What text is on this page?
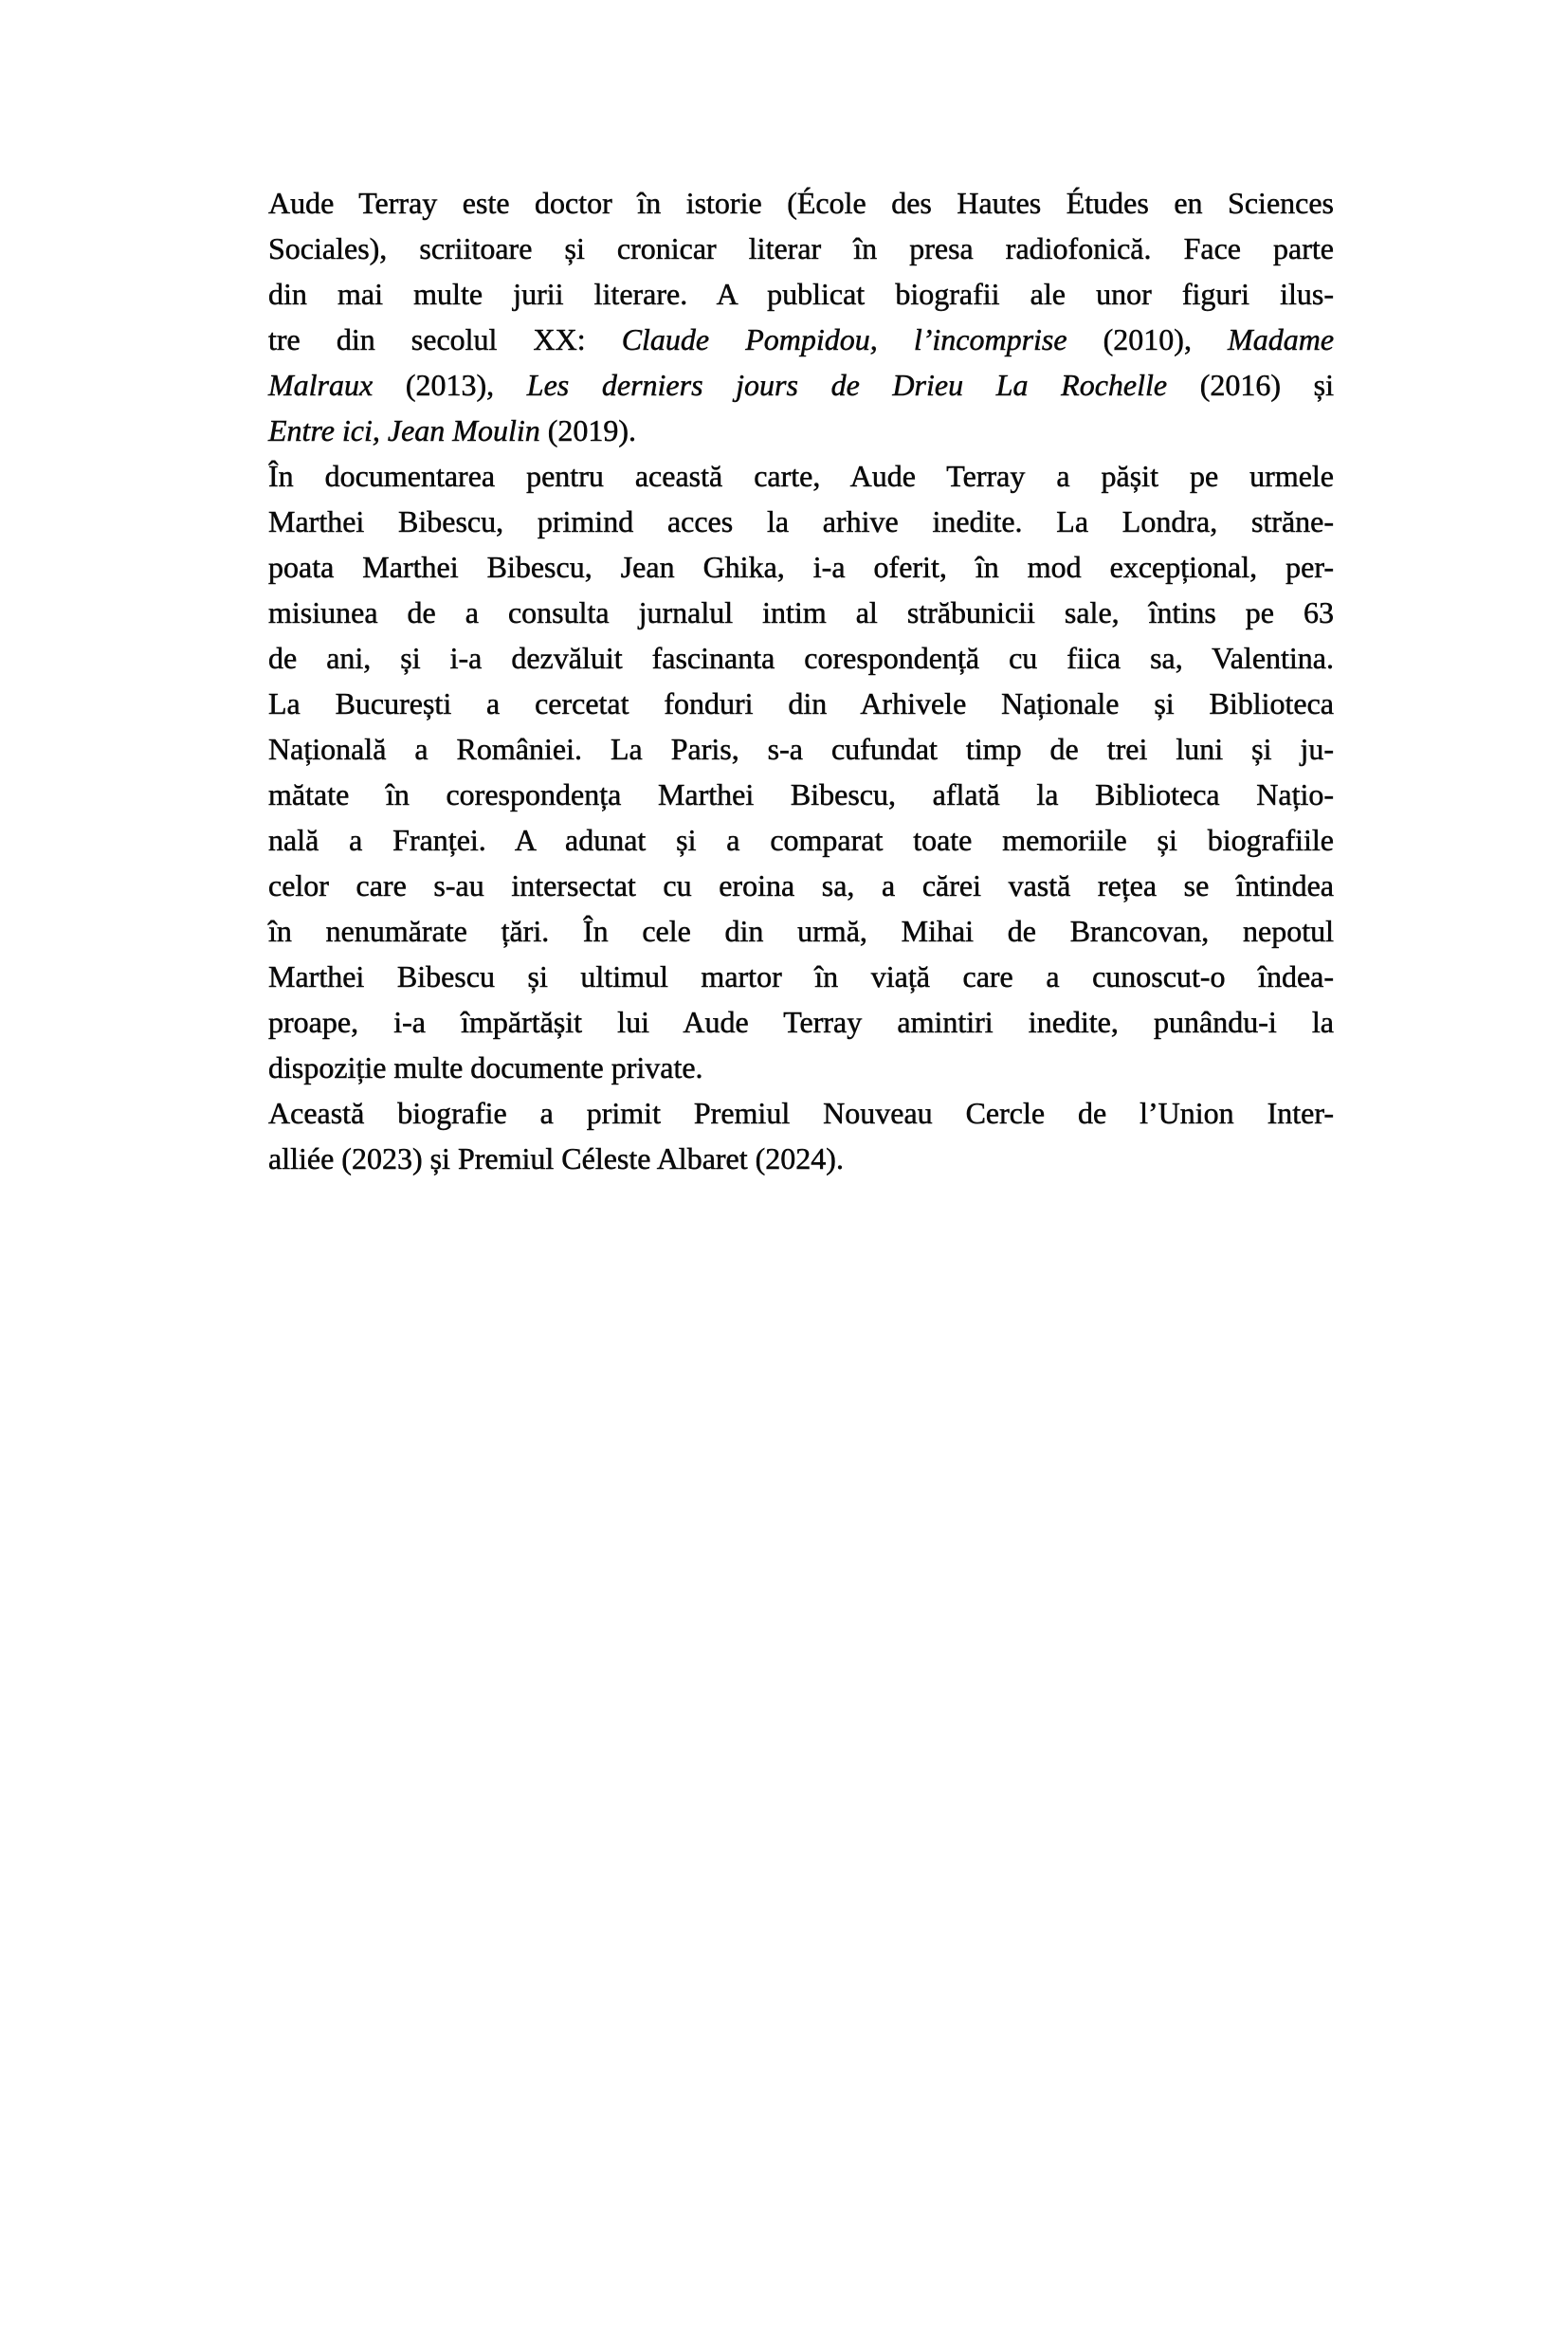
Aude Terray este doctor în istorie (École des Hautes Études en Sciences
Sociales), scriitoare și cronicar literar în presa radiofonică. Face parte
din mai multe jurii literare. A publicat biografii ale unor figuri ilus-
tre din secolul XX: Claude Pompidou, l’incomprise (2010), Madame
Malraux (2013), Les derniers jours de Drieu La Rochelle (2016) și
Entre ici, Jean Moulin (2019).
În documentarea pentru această carte, Aude Terray a pășit pe urmele
Marthei Bibescu, primind acces la arhive inedite. La Londra, străne-
poata Marthei Bibescu, Jean Ghika, i-a oferit, în mod excepțional, per-
misiunea de a consulta jurnalul intim al străbunicii sale, întins pe 63
de ani, și i-a dezvăluit fascinanta corespondență cu fiica sa, Valentina.
La București a cercetat fonduri din Arhivele Naționale și Biblioteca
Națională a României. La Paris, s-a cufundat timp de trei luni și ju-
mătate în corespondența Marthei Bibescu, aflată la Biblioteca Națio-
nală a Franței. A adunat și a comparat toate memoriile și biografiile
celor care s-au intersectat cu eroina sa, a cărei vastă rețea se întindea
în nenumărate țări. În cele din urmă, Mihai de Brancovan, nepotul
Marthei Bibescu și ultimul martor în viață care a cunoscut-o îndea-
proape, i-a împărtășit lui Aude Terray amintiri inedite, punându-i la
dispoziție multe documente private.
Această biografie a primit Premiul Nouveau Cercle de l’Union Inter-
alliée (2023) și Premiul Céleste Albaret (2024).
